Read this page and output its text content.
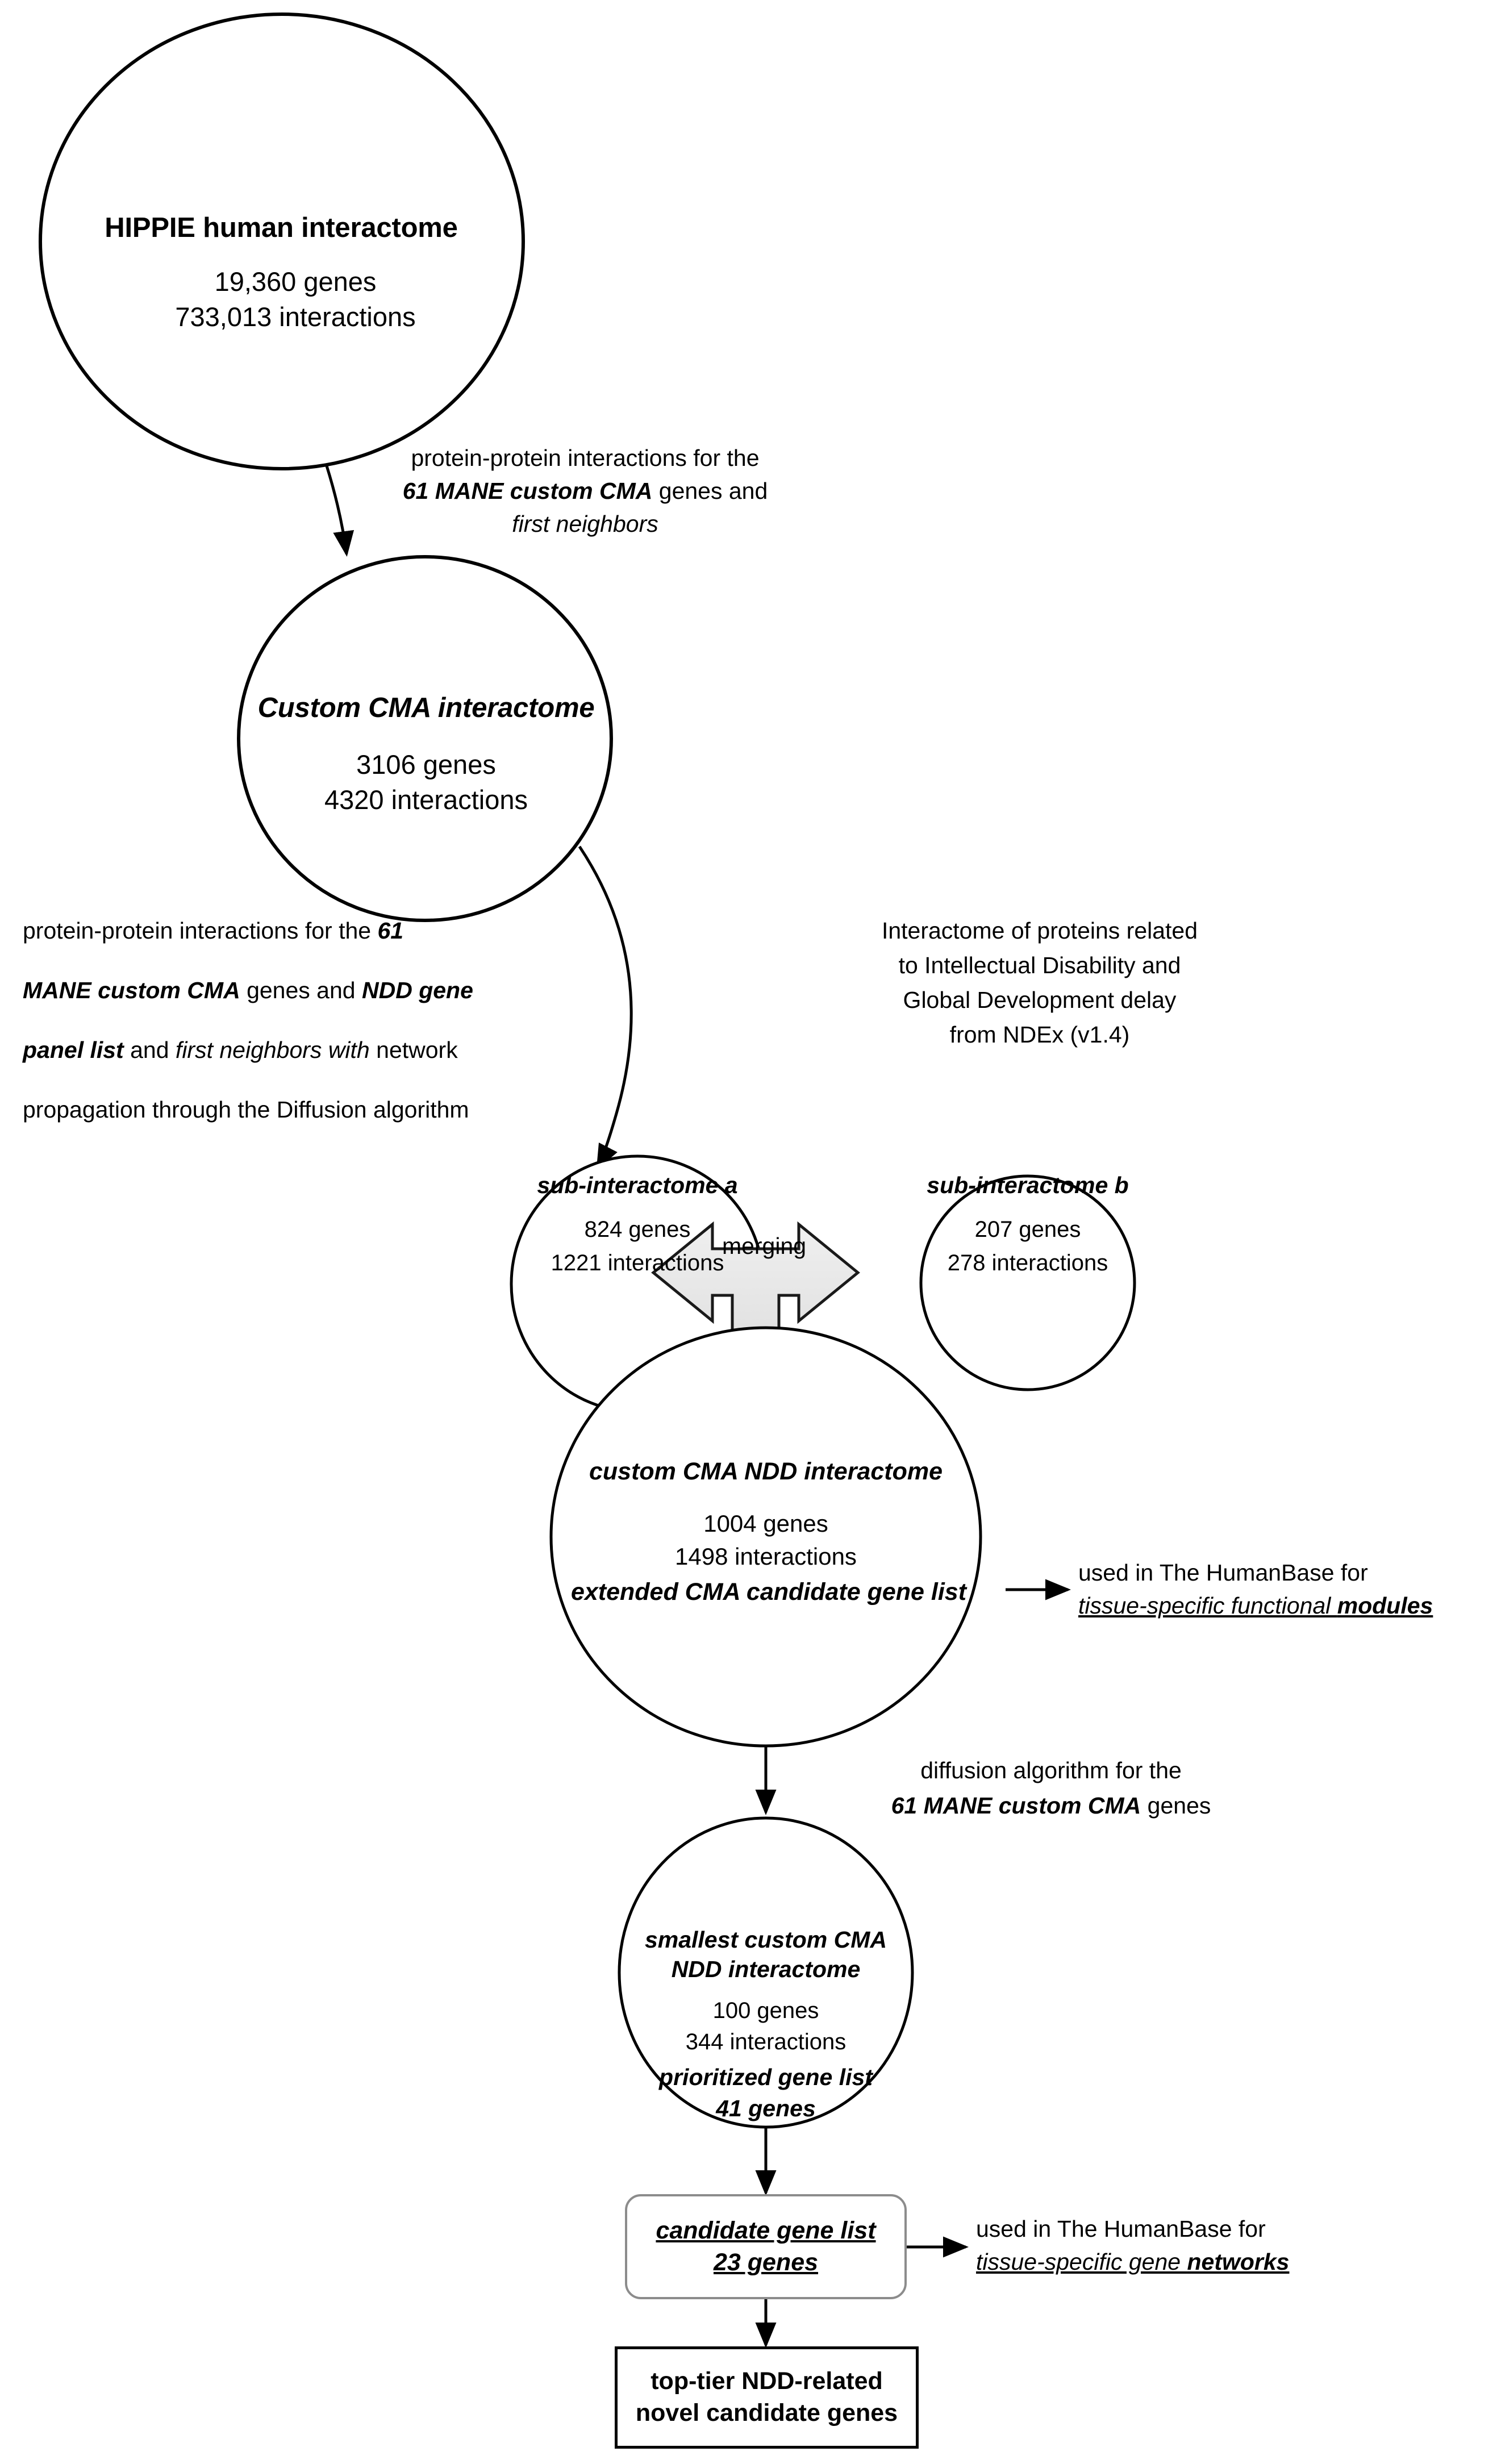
HIPPIE human interactome
19,360 genes
733,013 interactions
protein-protein interactions for the
61 MANE custom CMA genes and
first neighbors
Custom CMA interactome
3106 genes
4320 interactions
protein-protein interactions for the 61
MANE custom CMA genes and NDD gene
panel list and first neighbors with network
propagation through the Diffusion algorithm
Interactome of proteins related
to Intellectual Disability and
Global Development delay
from NDEx (v1.4)
sub-interactome a
824 genes
1221 interactions
sub-interactome b
207 genes
278 interactions
merging
custom CMA NDD interactome
1004 genes
1498 interactions
extended CMA candidate gene list
used in The HumanBase for
tissue-specific functional modules
diffusion algorithm for the
61 MANE custom CMA genes
smallest custom CMA
NDD interactome
100 genes
344 interactions
prioritized gene list
41 genes
candidate gene list
23 genes
used in The HumanBase for
tissue-specific gene networks
top-tier NDD-related
novel candidate genes
